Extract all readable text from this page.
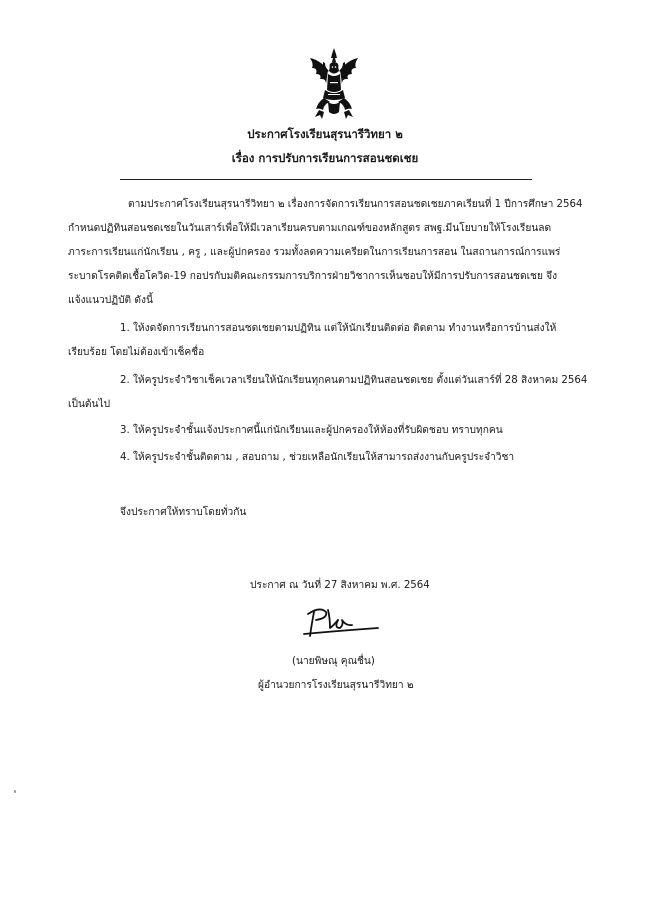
ประกาศโรงเรียนสุรนารีวิทยา ๒
เรื่อง การปรับการเรียนการสอนชดเชย
ตามประกาศโรงเรียนสุรนารีวิทยา ๒ เรื่องการจัดการเรียนการสอนชดเชยภาคเรียนที่ 1 ปีการศึกษา 2564
กำหนดปฏิทินสอนชดเชยในวันเสาร์เพื่อให้มีเวลาเรียนครบตามเกณฑ์ของหลักสูตร สพฐ.มีนโยบายให้โรงเรียนลด
ภาระการเรียนแก่นักเรียน , ครู , และผู้ปกครอง รวมทั้งลดความเครียดในการเรียนการสอน ในสถานการณ์การแพร่
ระบาดโรคติดเชื้อโควิด-19 กอปรกับมติคณะกรรมการบริการฝ่ายวิชาการเห็นชอบให้มีการปรับการสอนชดเชย จึง
แจ้งแนวปฏิบัติ ดังนี้
1. ให้งดจัดการเรียนการสอนชดเชยตามปฏิทิน แต่ให้นักเรียนติดต่อ ติดตาม ทำงานหรือการบ้านส่งให้
เรียบร้อย โดยไม่ต้องเข้าเช็คชื่อ
2. ให้ครูประจำวิชาเช็คเวลาเรียนให้นักเรียนทุกคนตามปฏิทินสอนชดเชย ตั้งแต่วันเสาร์ที่ 28 สิงหาคม 2564
เป็นต้นไป
3. ให้ครูประจำชั้นแจ้งประกาศนี้แก่นักเรียนและผู้ปกครองให้ห้องที่รับผิดชอบ ทราบทุกคน
4. ให้ครูประจำชั้นติดตาม , สอบถาม , ช่วยเหลือนักเรียนให้สามารถส่งงานกับครูประจำวิชา
จึงประกาศให้ทราบโดยทั่วกัน
ประกาศ ณ วันที่ 27 สิงหาคม พ.ศ. 2564
(นายพิษณุ คุณชื่น)
ผู้อำนวยการโรงเรียนสุรนารีวิทยา ๒
